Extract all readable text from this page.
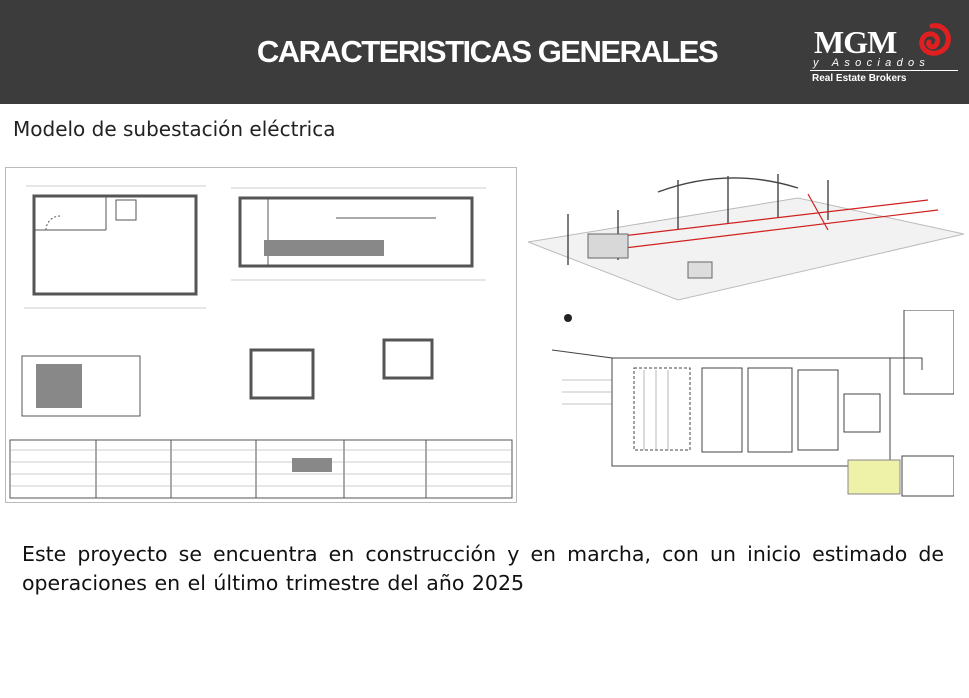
CARACTERISTICAS GENERALES	MGM
y Asociados
Real Estate Brokers
Modelo de subestación eléctrica
Este proyecto se encuentra en construcción y en marcha, con un inicio estimado de operaciones en el último trimestre del año 2025
